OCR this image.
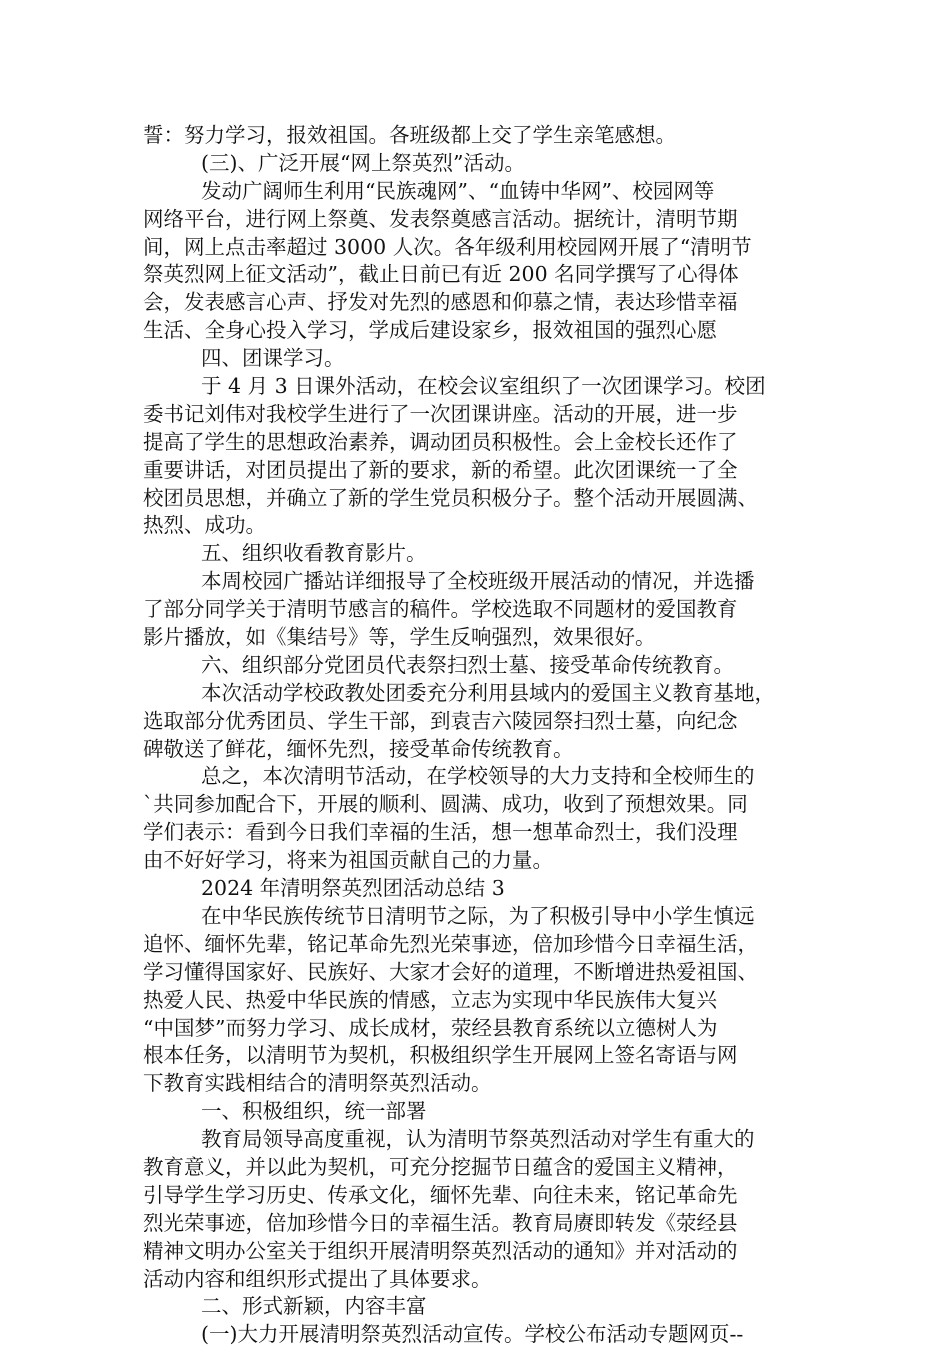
誓：努力学习，报效祖国。各班级都上交了学生亲笔感想。
(三)、广泛开展“网上祭英烈”活动。
发动广阔师生利用“民族魂网”、“血铸中华网”、校园网等
网络平台，进行网上祭奠、发表祭奠感言活动。据统计，清明节期
间，网上点击率超过 3000 人次。各年级利用校园网开展了“清明节
祭英烈网上征文活动”，截止日前已有近 200 名同学撰写了心得体
会，发表感言心声、抒发对先烈的感恩和仰慕之情，表达珍惜幸福
生活、全身心投入学习，学成后建设家乡，报效祖国的强烈心愿
四、团课学习。
于 4 月 3 日课外活动，在校会议室组织了一次团课学习。校团
委书记刘伟对我校学生进行了一次团课讲座。活动的开展，进一步
提高了学生的思想政治素养，调动团员积极性。会上金校长还作了
重要讲话，对团员提出了新的要求，新的希望。此次团课统一了全
校团员思想，并确立了新的学生党员积极分子。整个活动开展圆满、
热烈、成功。
五、组织收看教育影片。
本周校园广播站详细报导了全校班级开展活动的情况，并选播
了部分同学关于清明节感言的稿件。学校选取不同题材的爱国教育
影片播放，如《集结号》等，学生反响强烈，效果很好。
六、组织部分党团员代表祭扫烈士墓、接受革命传统教育。
本次活动学校政教处团委充分利用县域内的爱国主义教育基地，
选取部分优秀团员、学生干部，到袁吉六陵园祭扫烈士墓，向纪念
碑敬送了鲜花，缅怀先烈，接受革命传统教育。
总之，本次清明节活动，在学校领导的大力支持和全校师生的
`共同参加配合下，开展的顺利、圆满、成功，收到了预想效果。同
学们表示：看到今日我们幸福的生活，想一想革命烈士，我们没理
由不好好学习，将来为祖国贡献自己的力量。
2024 年清明祭英烈团活动总结 3
在中华民族传统节日清明节之际，为了积极引导中小学生慎远
追怀、缅怀先辈，铭记革命先烈光荣事迹，倍加珍惜今日幸福生活，
学习懂得国家好、民族好、大家才会好的道理，不断增进热爱祖国、
热爱人民、热爱中华民族的情感，立志为实现中华民族伟大复兴
“中国梦”而努力学习、成长成材，荥经县教育系统以立德树人为
根本任务，以清明节为契机，积极组织学生开展网上签名寄语与网
下教育实践相结合的清明祭英烈活动。
一、积极组织，统一部署
教育局领导高度重视，认为清明节祭英烈活动对学生有重大的
教育意义，并以此为契机，可充分挖掘节日蕴含的爱国主义精神，
引导学生学习历史、传承文化，缅怀先辈、向往未来，铭记革命先
烈光荣事迹，倍加珍惜今日的幸福生活。教育局赓即转发《荥经县
精神文明办公室关于组织开展清明祭英烈活动的通知》并对活动的
活动内容和组织形式提出了具体要求。
二、形式新颖，内容丰富
(一)大力开展清明祭英烈活动宣传。学校公布活动专题网页--
